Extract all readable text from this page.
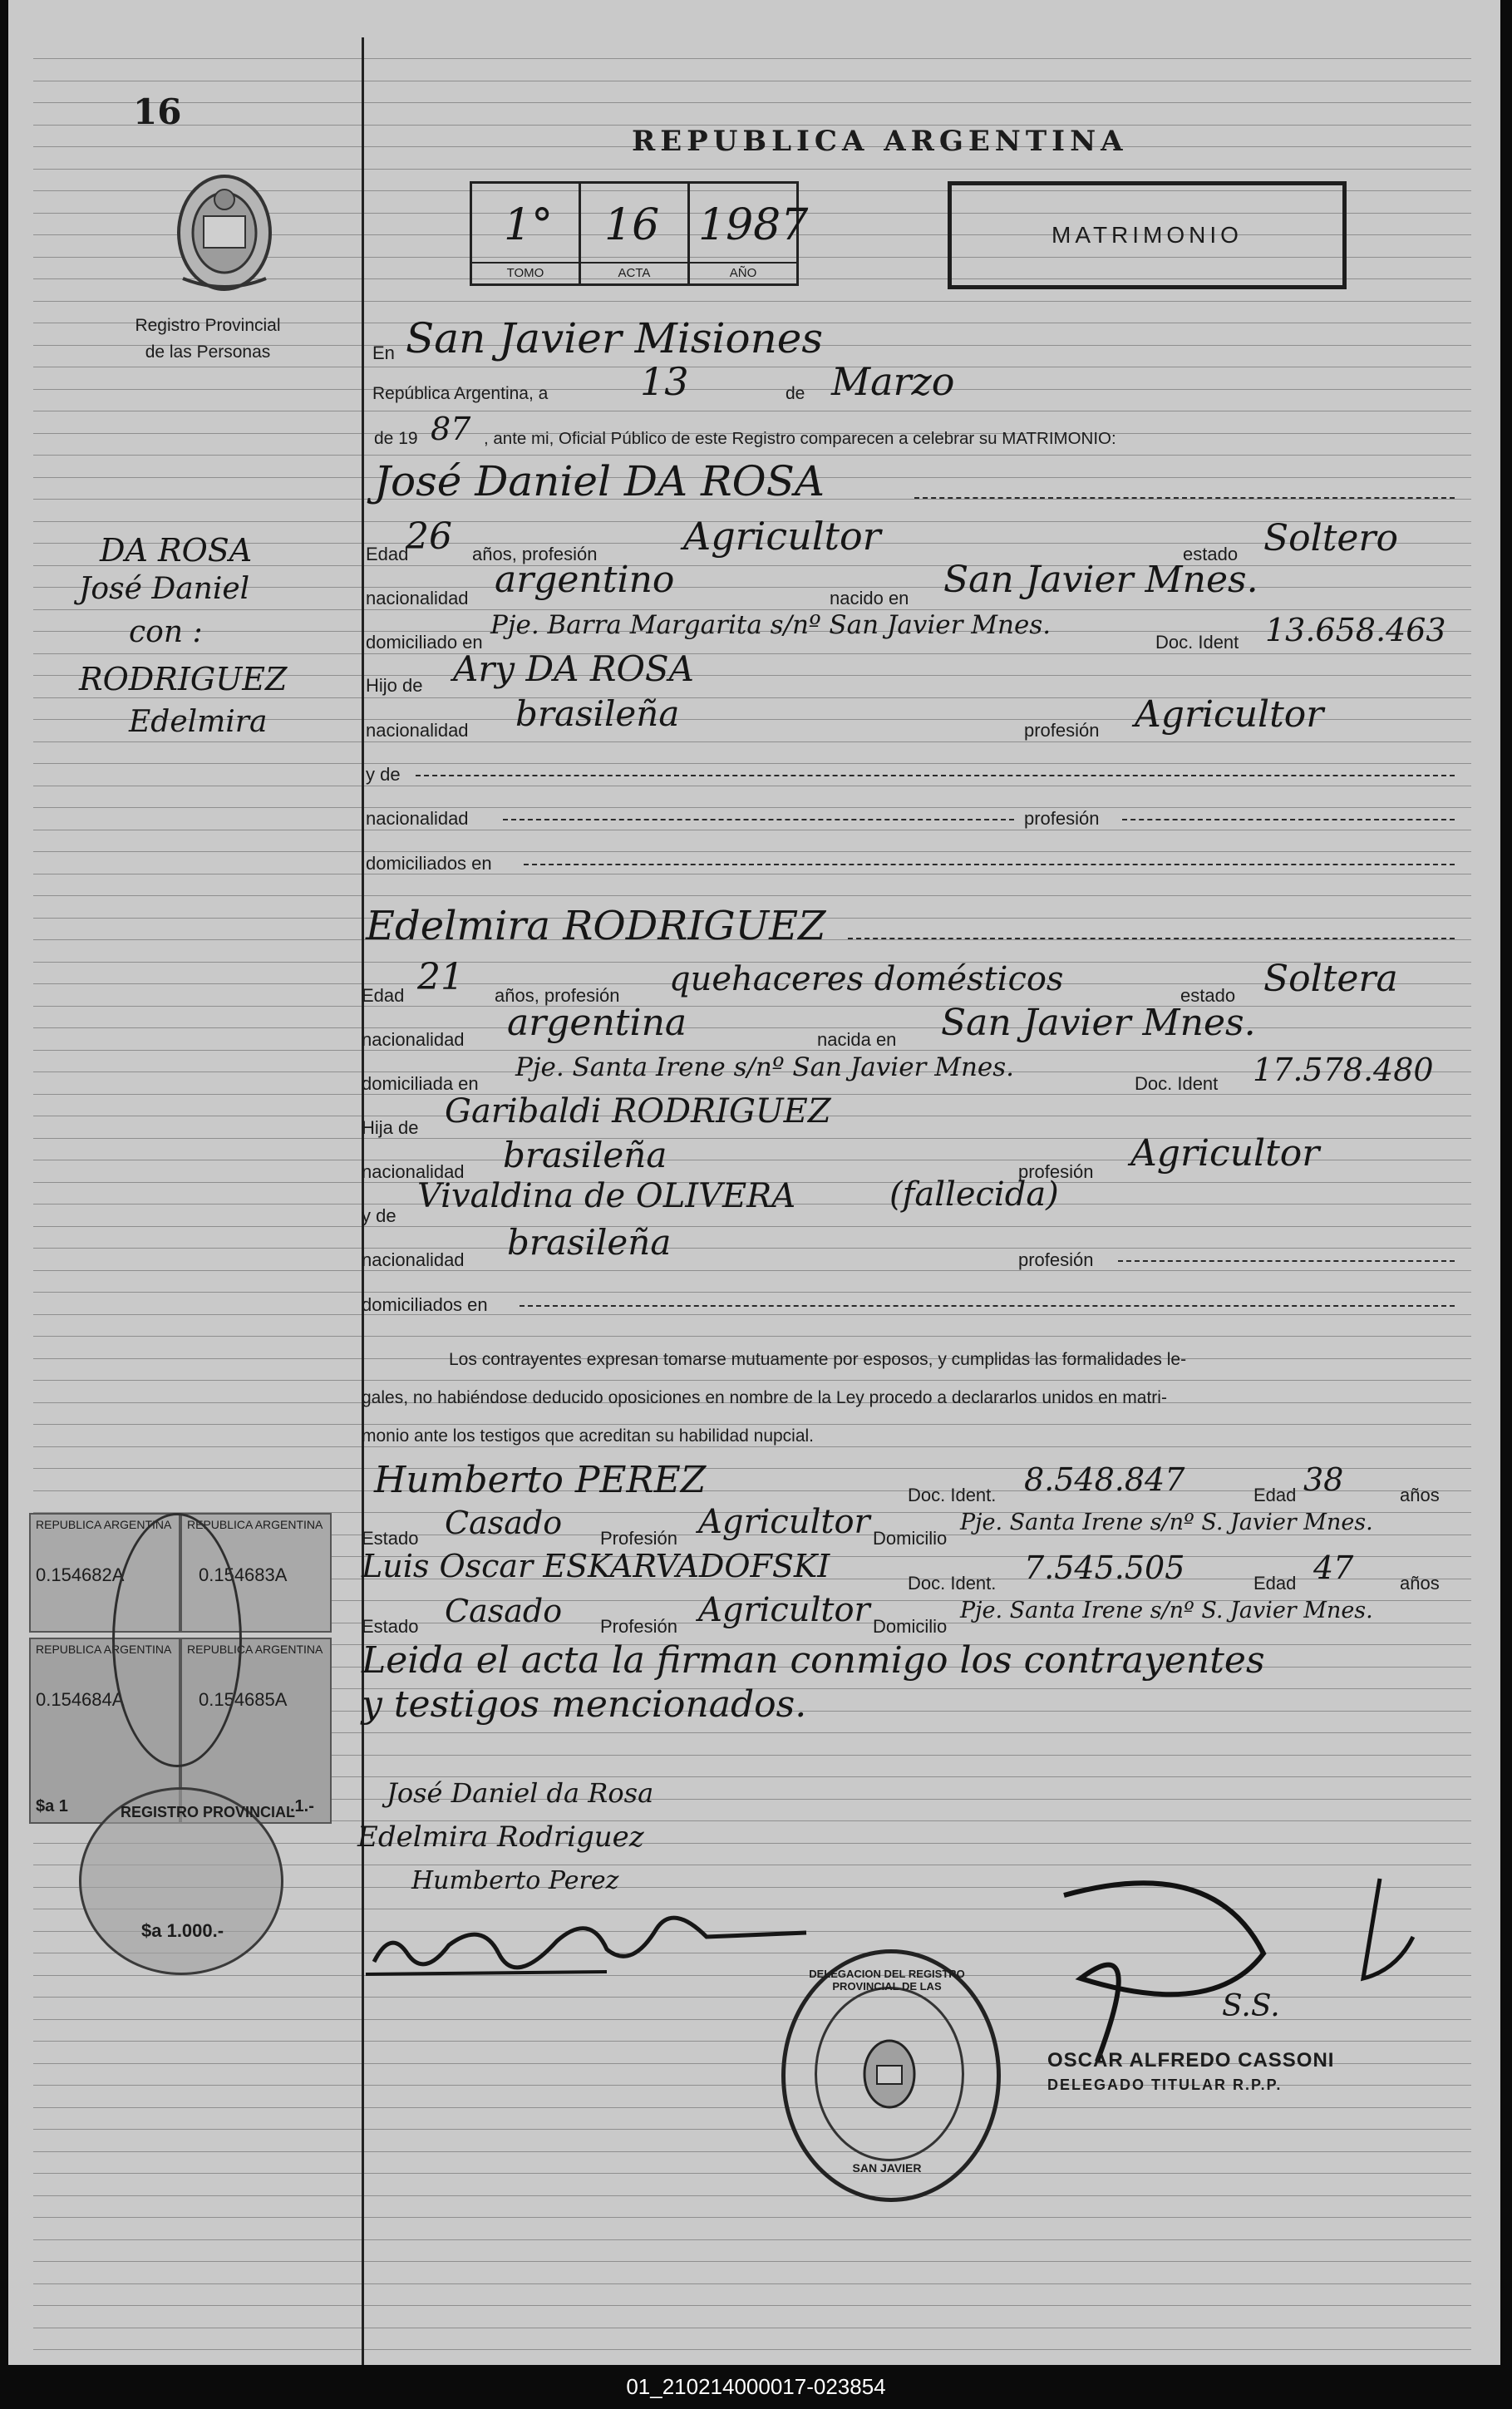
16
Registro Provincial
de las Personas
DA ROSA
José Daniel
con :
RODRIGUEZ
Edelmira
REPUBLICA ARGENTINA
0.154682A
REPUBLICA ARGENTINA
0.154683A
REPUBLICA ARGENTINA
0.154684A
$a 1
REPUBLICA ARGENTINA
0.154685A
.1.-
REGISTRO PROVINCIAL
$a 1.000.-
REPUBLICA ARGENTINA
1°
TOMO
16
ACTA
1987
AÑO
MATRIMONIO
En San Javier Misiones
República Argentina, a 13	de Marzo
de 19 87 , ante mi, Oficial Público de este Registro comparecen a celebrar su MATRIMONIO:
José Daniel DA ROSA
Edad
26 años, profesión Agricultor	estado Soltero
nacionalidad argentino	nacido en San Javier Mnes.
domiciliado en
Pje. Barra Margarita s/nº San Javier Mnes.
Doc. Ident 13.658.463
Hijo de Ary DA ROSA
nacionalidad brasileña	profesión Agricultor
y de
nacionalidad	profesión
domiciliados en
Edelmira RODRIGUEZ
Edad 21 años, profesión quehaceres domésticos	estado Soltera
nacionalidad argentina	nacida en San Javier Mnes.
domiciliada en
Pje. Santa Irene s/nº San Javier Mnes.
Doc. Ident 17.578.480
Hija de Garibaldi RODRIGUEZ
nacionalidad brasileña	profesión Agricultor
y de
Vivaldina de OLIVERA	(fallecida)
nacionalidad brasileña	profesión
domiciliados en
Los contrayentes expresan tomarse mutuamente por esposos, y cumplidas las formalidades le-
gales, no habiéndose deducido oposiciones en nombre de la Ley procedo a declararlos unidos en matri-
monio ante los testigos que acreditan su habilidad nupcial.
Humberto PEREZ	Doc. Ident. 8.548.847	Edad 38	años
Estado Casado Profesión Agricultor Domicilio
Pje. Santa Irene s/nº S. Javier Mnes.
Luis Oscar ESKARVADOFSKI	Doc. Ident. 7.545.505	Edad 47	años
Estado Casado Profesión Agricultor Domicilio
Pje. Santa Irene s/nº S. Javier Mnes.
Leida el acta la firman conmigo los contrayentes
y testigos mencionados.
José Daniel da Rosa
Edelmira Rodriguez
Humberto Perez
S.S.
OSCAR ALFREDO CASSONI
DELEGADO TITULAR R.P.P.
DELEGACION DEL REGISTRO PROVINCIAL DE LAS
SAN JAVIER
01_210214000017-023854
